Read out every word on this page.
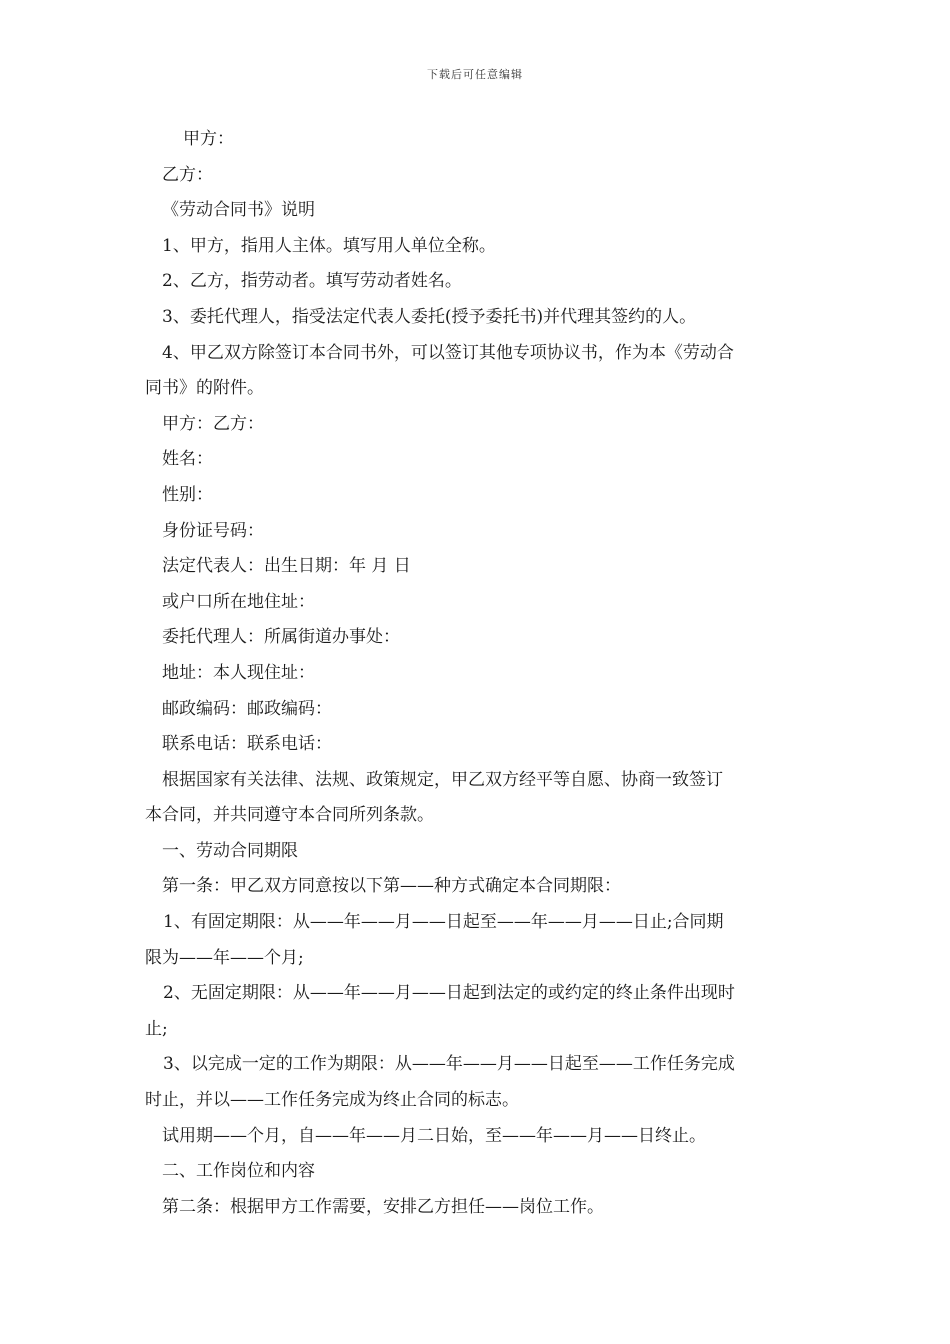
下载后可任意编辑
甲方：
乙方：
《劳动合同书》说明
1、甲方，指用人主体。填写用人单位全称。
2、乙方，指劳动者。填写劳动者姓名。
3、委托代理人，指受法定代表人委托(授予委托书)并代理其签约的人。
4、甲乙双方除签订本合同书外，可以签订其他专项协议书，作为本《劳动合
同书》的附件。
甲方：乙方：
姓名：
性别：
身份证号码：
法定代表人：出生日期：年 月 日
或户口所在地住址：
委托代理人：所属街道办事处：
地址：本人现住址：
邮政编码：邮政编码：
联系电话：联系电话：
根据国家有关法律、法规、政策规定，甲乙双方经平等自愿、协商一致签订
本合同，并共同遵守本合同所列条款。
一、劳动合同期限
第一条：甲乙双方同意按以下第——种方式确定本合同期限：
1、有固定期限：从——年——月——日起至——年——月——日止;合同期
限为——年——个月;
2、无固定期限：从——年——月——日起到法定的或约定的终止条件出现时
止;
3、以完成一定的工作为期限：从——年——月——日起至——工作任务完成
时止，并以——工作任务完成为终止合同的标志。
试用期——个月，自——年——月二日始，至——年——月——日终止。
二、工作岗位和内容
第二条：根据甲方工作需要，安排乙方担任——岗位工作。
